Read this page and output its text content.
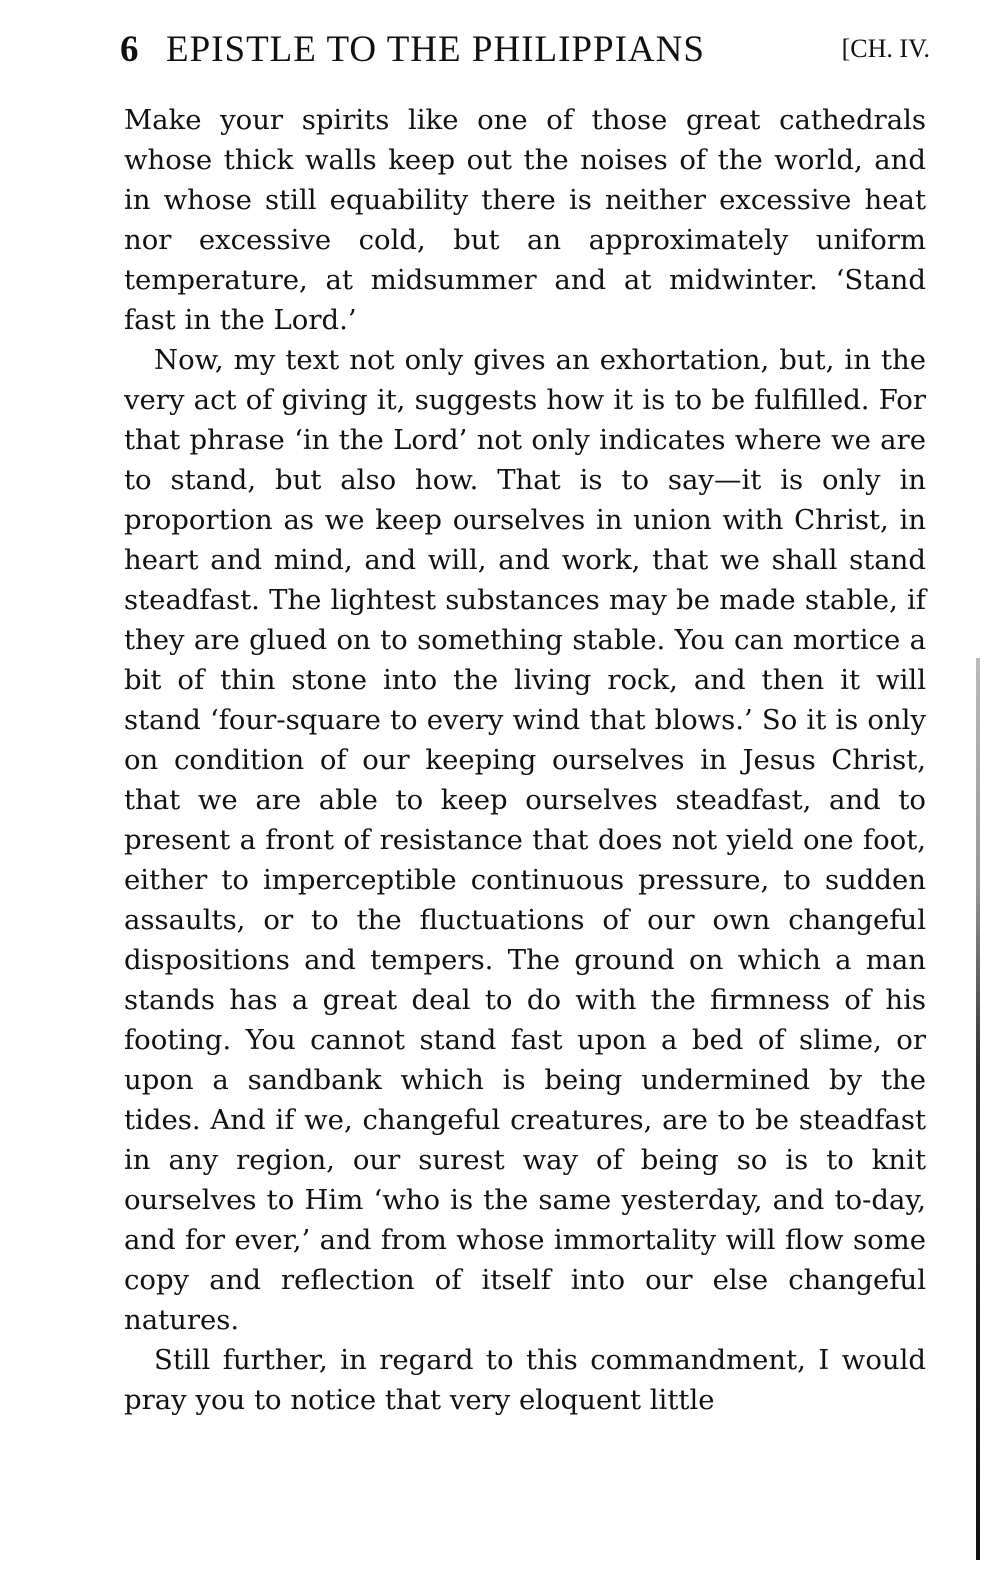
6 EPISTLE TO THE PHILIPPIANS	[CH. IV.

Make your spirits like one of those great cathedrals whose thick walls keep out the noises of the world, and in whose still equability there is neither excessive heat nor excessive cold, but an approximately uniform temperature, at midsummer and at midwinter. ‘Stand fast in the Lord.’

Now, my text not only gives an exhortation, but, in the very act of giving it, suggests how it is to be fulfilled. For that phrase ‘in the Lord’ not only indicates where we are to stand, but also how. That is to say—it is only in proportion as we keep ourselves in union with Christ, in heart and mind, and will, and work, that we shall stand steadfast. The lightest substances may be made stable, if they are glued on to something stable. You can mortice a bit of thin stone into the living rock, and then it will stand ‘four-square to every wind that blows.’ So it is only on condition of our keeping ourselves in Jesus Christ, that we are able to keep ourselves steadfast, and to present a front of resistance that does not yield one foot, either to imperceptible continuous pressure, to sudden assaults, or to the fluctuations of our own changeful dispositions and tempers. The ground on which a man stands has a great deal to do with the firmness of his footing. You cannot stand fast upon a bed of slime, or upon a sandbank which is being undermined by the tides. And if we, changeful creatures, are to be steadfast in any region, our surest way of being so is to knit ourselves to Him ‘who is the same yesterday, and to-day, and for ever,’ and from whose immortality will flow some copy and reflection of itself into our else changeful natures.

Still further, in regard to this commandment, I would pray you to notice that very eloquent little
